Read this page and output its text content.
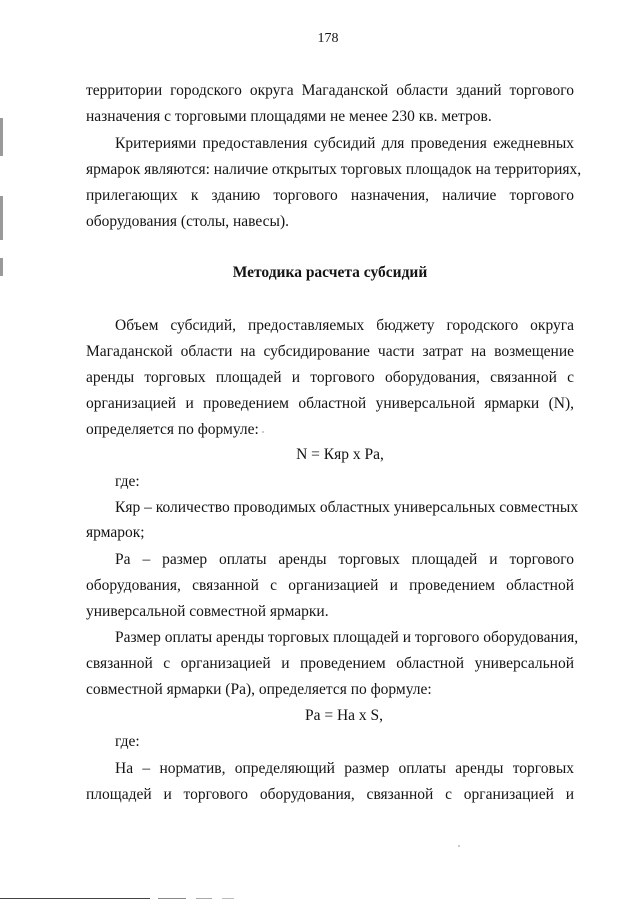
178
территории городского округа Магаданской области зданий торгового
назначения с торговыми площадями не менее 230 кв. метров.
Критериями предоставления субсидий для проведения ежедневных
ярмарок являются: наличие открытых торговых площадок на территориях,
прилегающих к зданию торгового назначения, наличие торгового
оборудования (столы, навесы).
Методика расчета субсидий
Объем субсидий, предоставляемых бюджету городского округа
Магаданской области на субсидирование части затрат на возмещение
аренды торговых площадей и торгового оборудования, связанной с
организацией и проведением областной универсальной ярмарки (N),
определяется по формуле:
N = Кяр x Ра,
где:
Кяр – количество проводимых областных универсальных совместных
ярмарок;
Ра – размер оплаты аренды торговых площадей и торгового
оборудования, связанной с организацией и проведением областной
универсальной совместной ярмарки.
Размер оплаты аренды торговых площадей и торгового оборудования,
связанной с организацией и проведением областной универсальной
совместной ярмарки (Ра), определяется по формуле:
Ра = На x S,
где:
На – норматив, определяющий размер оплаты аренды торговых
площадей и торгового оборудования, связанной с организацией и
